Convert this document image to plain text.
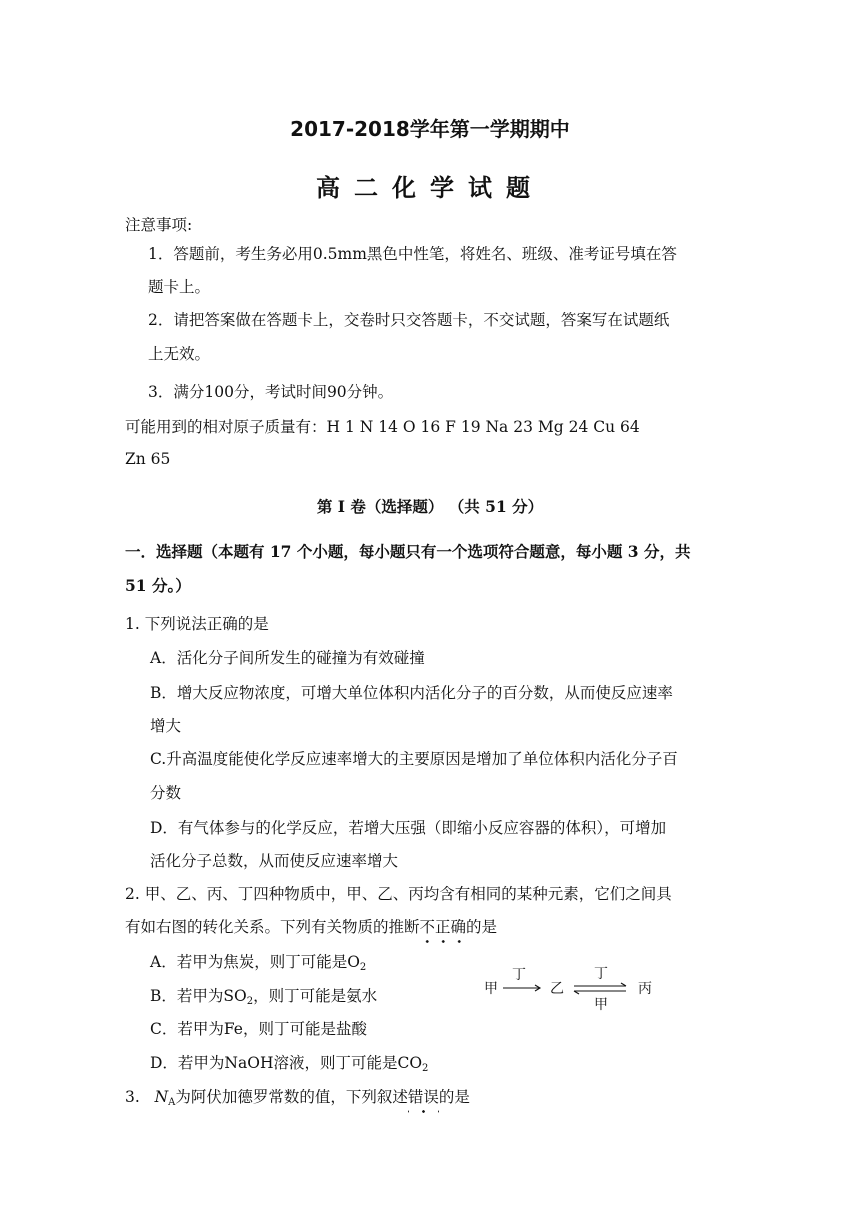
2017-2018学年第一学期期中
高二化学试题
注意事项:
1．答题前，考生务必用0.5mm黑色中性笔，将姓名、班级、准考证号填在答
题卡上。
2．请把答案做在答题卡上，交卷时只交答题卡，不交试题，答案写在试题纸
上无效。
3．满分100分，考试时间90分钟。
可能用到的相对原子质量有：H 1 N 14 O 16 F 19 Na 23 Mg 24 Cu 64
Zn 65
第 I 卷（选择题） （共 51 分）
一．选择题（本题有 17 个小题，每小题只有一个选项符合题意，每小题 3 分，共
51 分。）
1. 下列说法正确的是
A．活化分子间所发生的碰撞为有效碰撞
B．增大反应物浓度，可增大单位体积内活化分子的百分数，从而使反应速率
增大
C.升高温度能使化学反应速率增大的主要原因是增加了单位体积内活化分子百
分数
D．有气体参与的化学反应，若增大压强（即缩小反应容器的体积），可增加
活化分子总数，从而使反应速率增大
2. 甲、乙、丙、丁四种物质中，甲、乙、丙均含有相同的某种元素，它们之间具
有如右图的转化关系。下列有关物质的推断不正确的是
A．若甲为焦炭，则丁可能是$O_2$
B．若甲为$SO_2$，则丁可能是氨水
C．若甲为Fe，则丁可能是盐酸
D．若甲为NaOH溶液，则丁可能是$CO_2$
甲
丁
乙
丁
甲
丙
3. $N_A$为阿伏加德罗常数的值，下列叙述错误的是
